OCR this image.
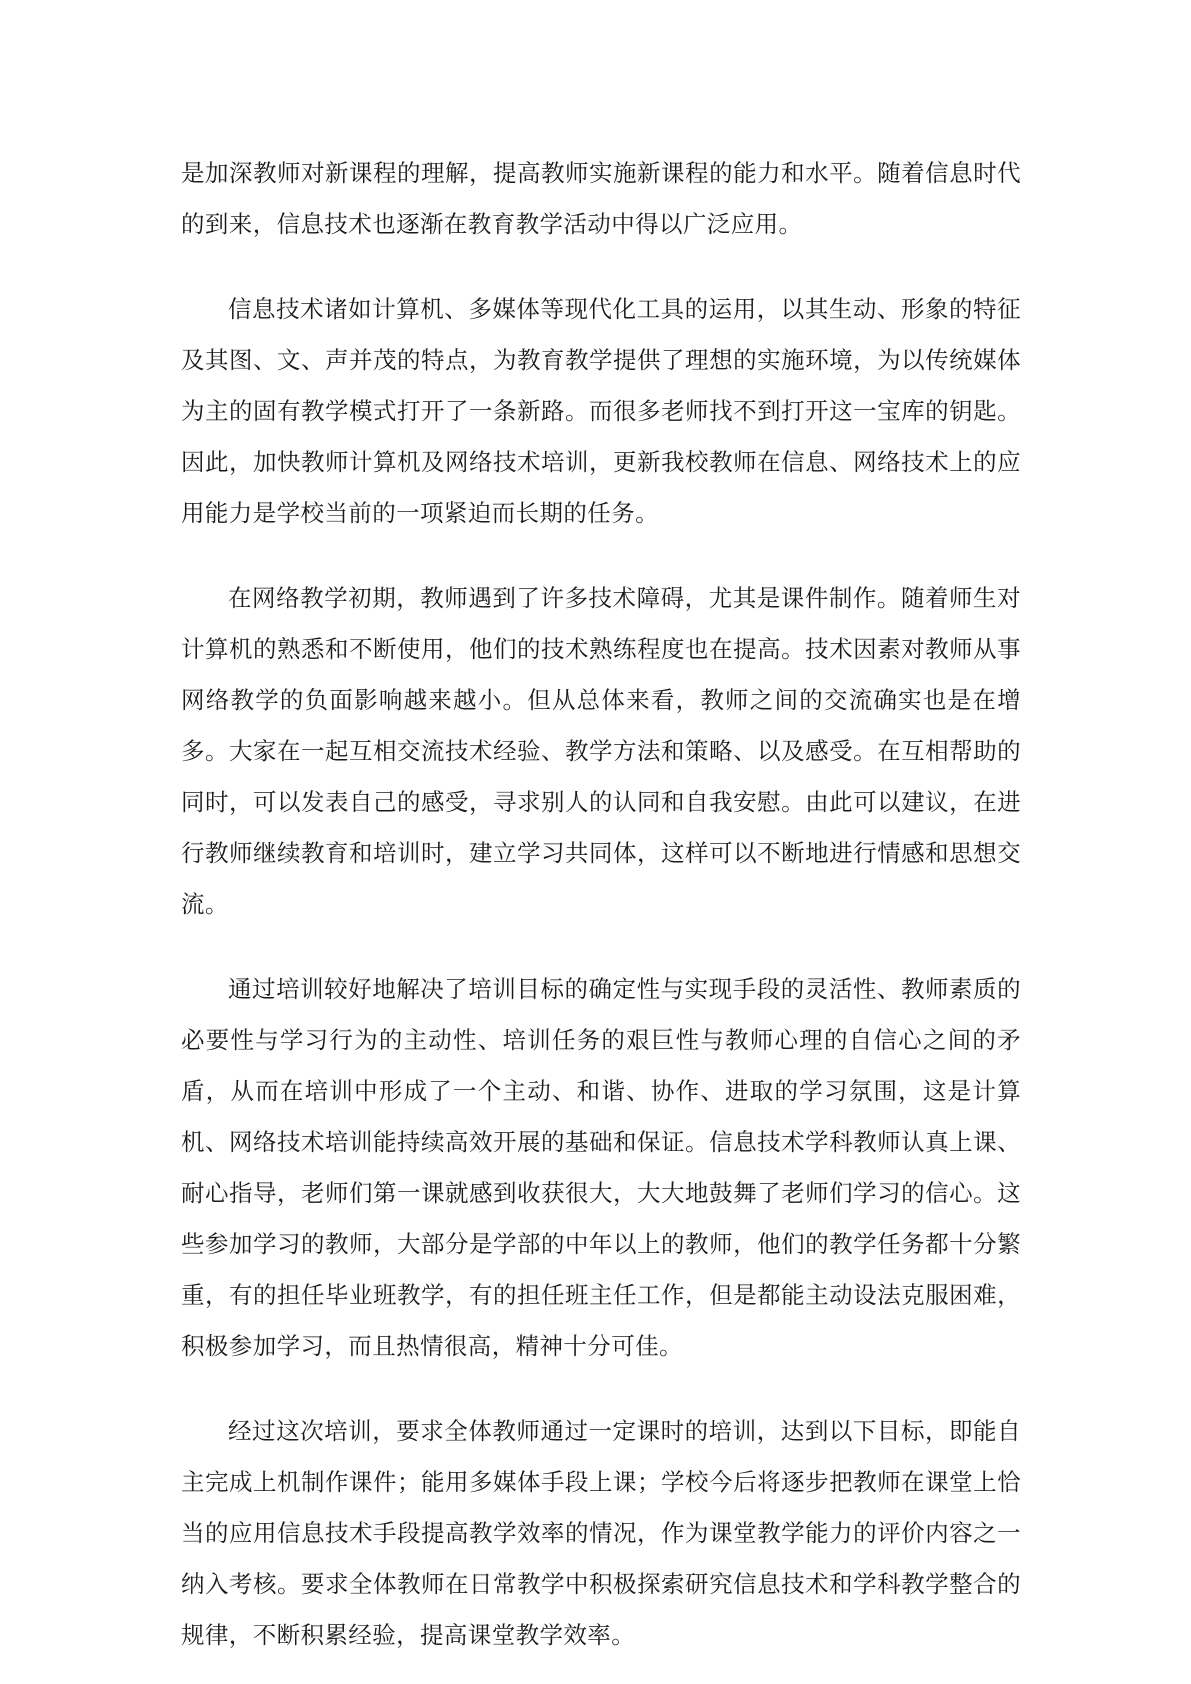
是加深教师对新课程的理解，提高教师实施新课程的能力和水平。随着信息时代的到来，信息技术也逐渐在教育教学活动中得以广泛应用。

信息技术诸如计算机、多媒体等现代化工具的运用，以其生动、形象的特征及其图、文、声并茂的特点，为教育教学提供了理想的实施环境，为以传统媒体为主的固有教学模式打开了一条新路。而很多老师找不到打开这一宝库的钥匙。因此，加快教师计算机及网络技术培训，更新我校教师在信息、网络技术上的应用能力是学校当前的一项紧迫而长期的任务。

在网络教学初期，教师遇到了许多技术障碍，尤其是课件制作。随着师生对计算机的熟悉和不断使用，他们的技术熟练程度也在提高。技术因素对教师从事网络教学的负面影响越来越小。但从总体来看，教师之间的交流确实也是在增多。大家在一起互相交流技术经验、教学方法和策略、以及感受。在互相帮助的同时，可以发表自己的感受，寻求别人的认同和自我安慰。由此可以建议，在进行教师继续教育和培训时，建立学习共同体，这样可以不断地进行情感和思想交流。

通过培训较好地解决了培训目标的确定性与实现手段的灵活性、教师素质的必要性与学习行为的主动性、培训任务的艰巨性与教师心理的自信心之间的矛盾，从而在培训中形成了一个主动、和谐、协作、进取的学习氛围，这是计算机、网络技术培训能持续高效开展的基础和保证。信息技术学科教师认真上课、耐心指导，老师们第一课就感到收获很大，大大地鼓舞了老师们学习的信心。这些参加学习的教师，大部分是学部的中年以上的教师，他们的教学任务都十分繁重，有的担任毕业班教学，有的担任班主任工作，但是都能主动设法克服困难，积极参加学习，而且热情很高，精神十分可佳。

经过这次培训，要求全体教师通过一定课时的培训，达到以下目标，即能自主完成上机制作课件；能用多媒体手段上课；学校今后将逐步把教师在课堂上恰当的应用信息技术手段提高教学效率的情况，作为课堂教学能力的评价内容之一纳入考核。要求全体教师在日常教学中积极探索研究信息技术和学科教学整合的规律，不断积累经验，提高课堂教学效率。
